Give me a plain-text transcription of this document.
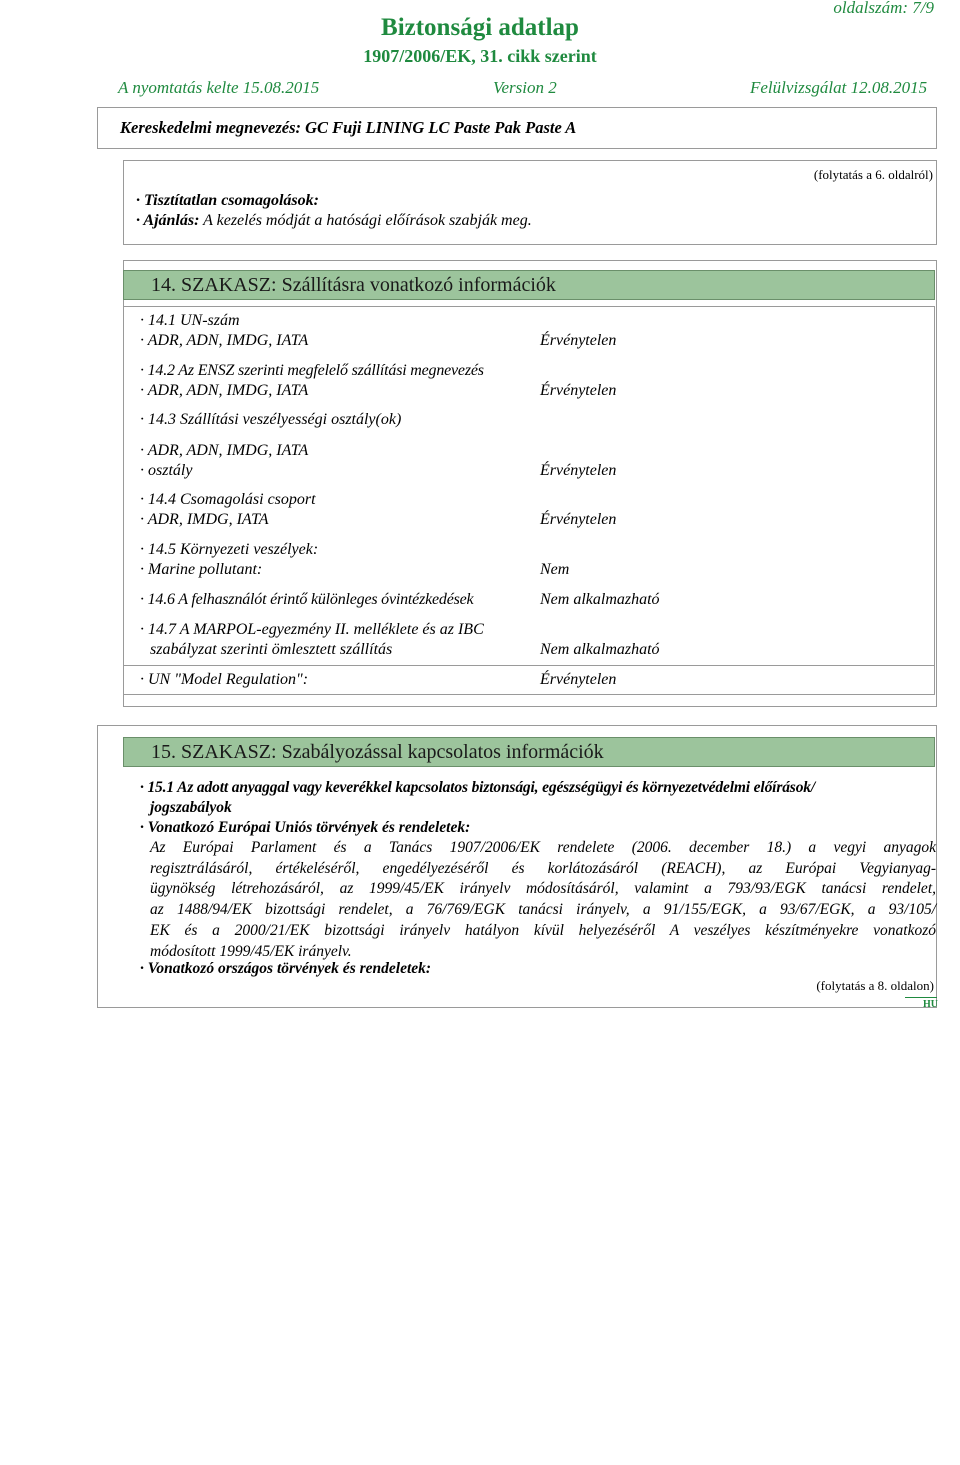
oldalszám: 7/9
Biztonsági adatlap
1907/2006/EK, 31. cikk szerint
A nyomtatás kelte 15.08.2015	Version 2	Felülvizsgálat 12.08.2015
Kereskedelmi megnevezés: GC Fuji LINING LC Paste Pak Paste A
(folytatás a 6. oldalról)
· Tisztítatlan csomagolások:
· Ajánlás: A kezelés módját a hatósági előírások szabják meg.
14. SZAKASZ: Szállításra vonatkozó információk
· 14.1 UN-szám
· ADR, ADN, IMDG, IATA	Érvénytelen
· 14.2 Az ENSZ szerinti megfelelő szállítási megnevezés
· ADR, ADN, IMDG, IATA	Érvénytelen
· 14.3 Szállítási veszélyességi osztály(ok)
· ADR, ADN, IMDG, IATA
· osztály	Érvénytelen
· 14.4 Csomagolási csoport
· ADR, IMDG, IATA	Érvénytelen
· 14.5 Környezeti veszélyek:
· Marine pollutant:	Nem
· 14.6 A felhasználót érintő különleges óvintézkedések	Nem alkalmazható
· 14.7 A MARPOL-egyezmény II. melléklete és az IBC
szabályzat szerinti ömlesztett szállítás	Nem alkalmazható
· UN "Model Regulation":	Érvénytelen
15. SZAKASZ: Szabályozással kapcsolatos információk
· 15.1 Az adott anyaggal vagy keverékkel kapcsolatos biztonsági, egészségügyi és környezetvédelmi előírások/
jogszabályok
· Vonatkozó Európai Uniós törvények és rendeletek:
Az Európai Parlament és a Tanács 1907/2006/EK rendelete (2006. december 18.) a vegyi anyagok
regisztrálásáról, értékeléséről, engedélyezéséről és korlátozásáról (REACH), az Európai Vegyianyag-
ügynökség létrehozásáról, az 1999/45/EK irányelv módosításáról, valamint a 793/93/EGK tanácsi rendelet,
az 1488/94/EK bizottsági rendelet, a 76/769/EGK tanácsi irányelv, a 91/155/EGK, a 93/67/EGK, a 93/105/
EK és a 2000/21/EK bizottsági irányelv hatályon kívül helyezéséről A veszélyes készítményekre vonatkozó
módosított 1999/45/EK irányelv.
· Vonatkozó országos törvények és rendeletek:
(folytatás a 8. oldalon)
HU
